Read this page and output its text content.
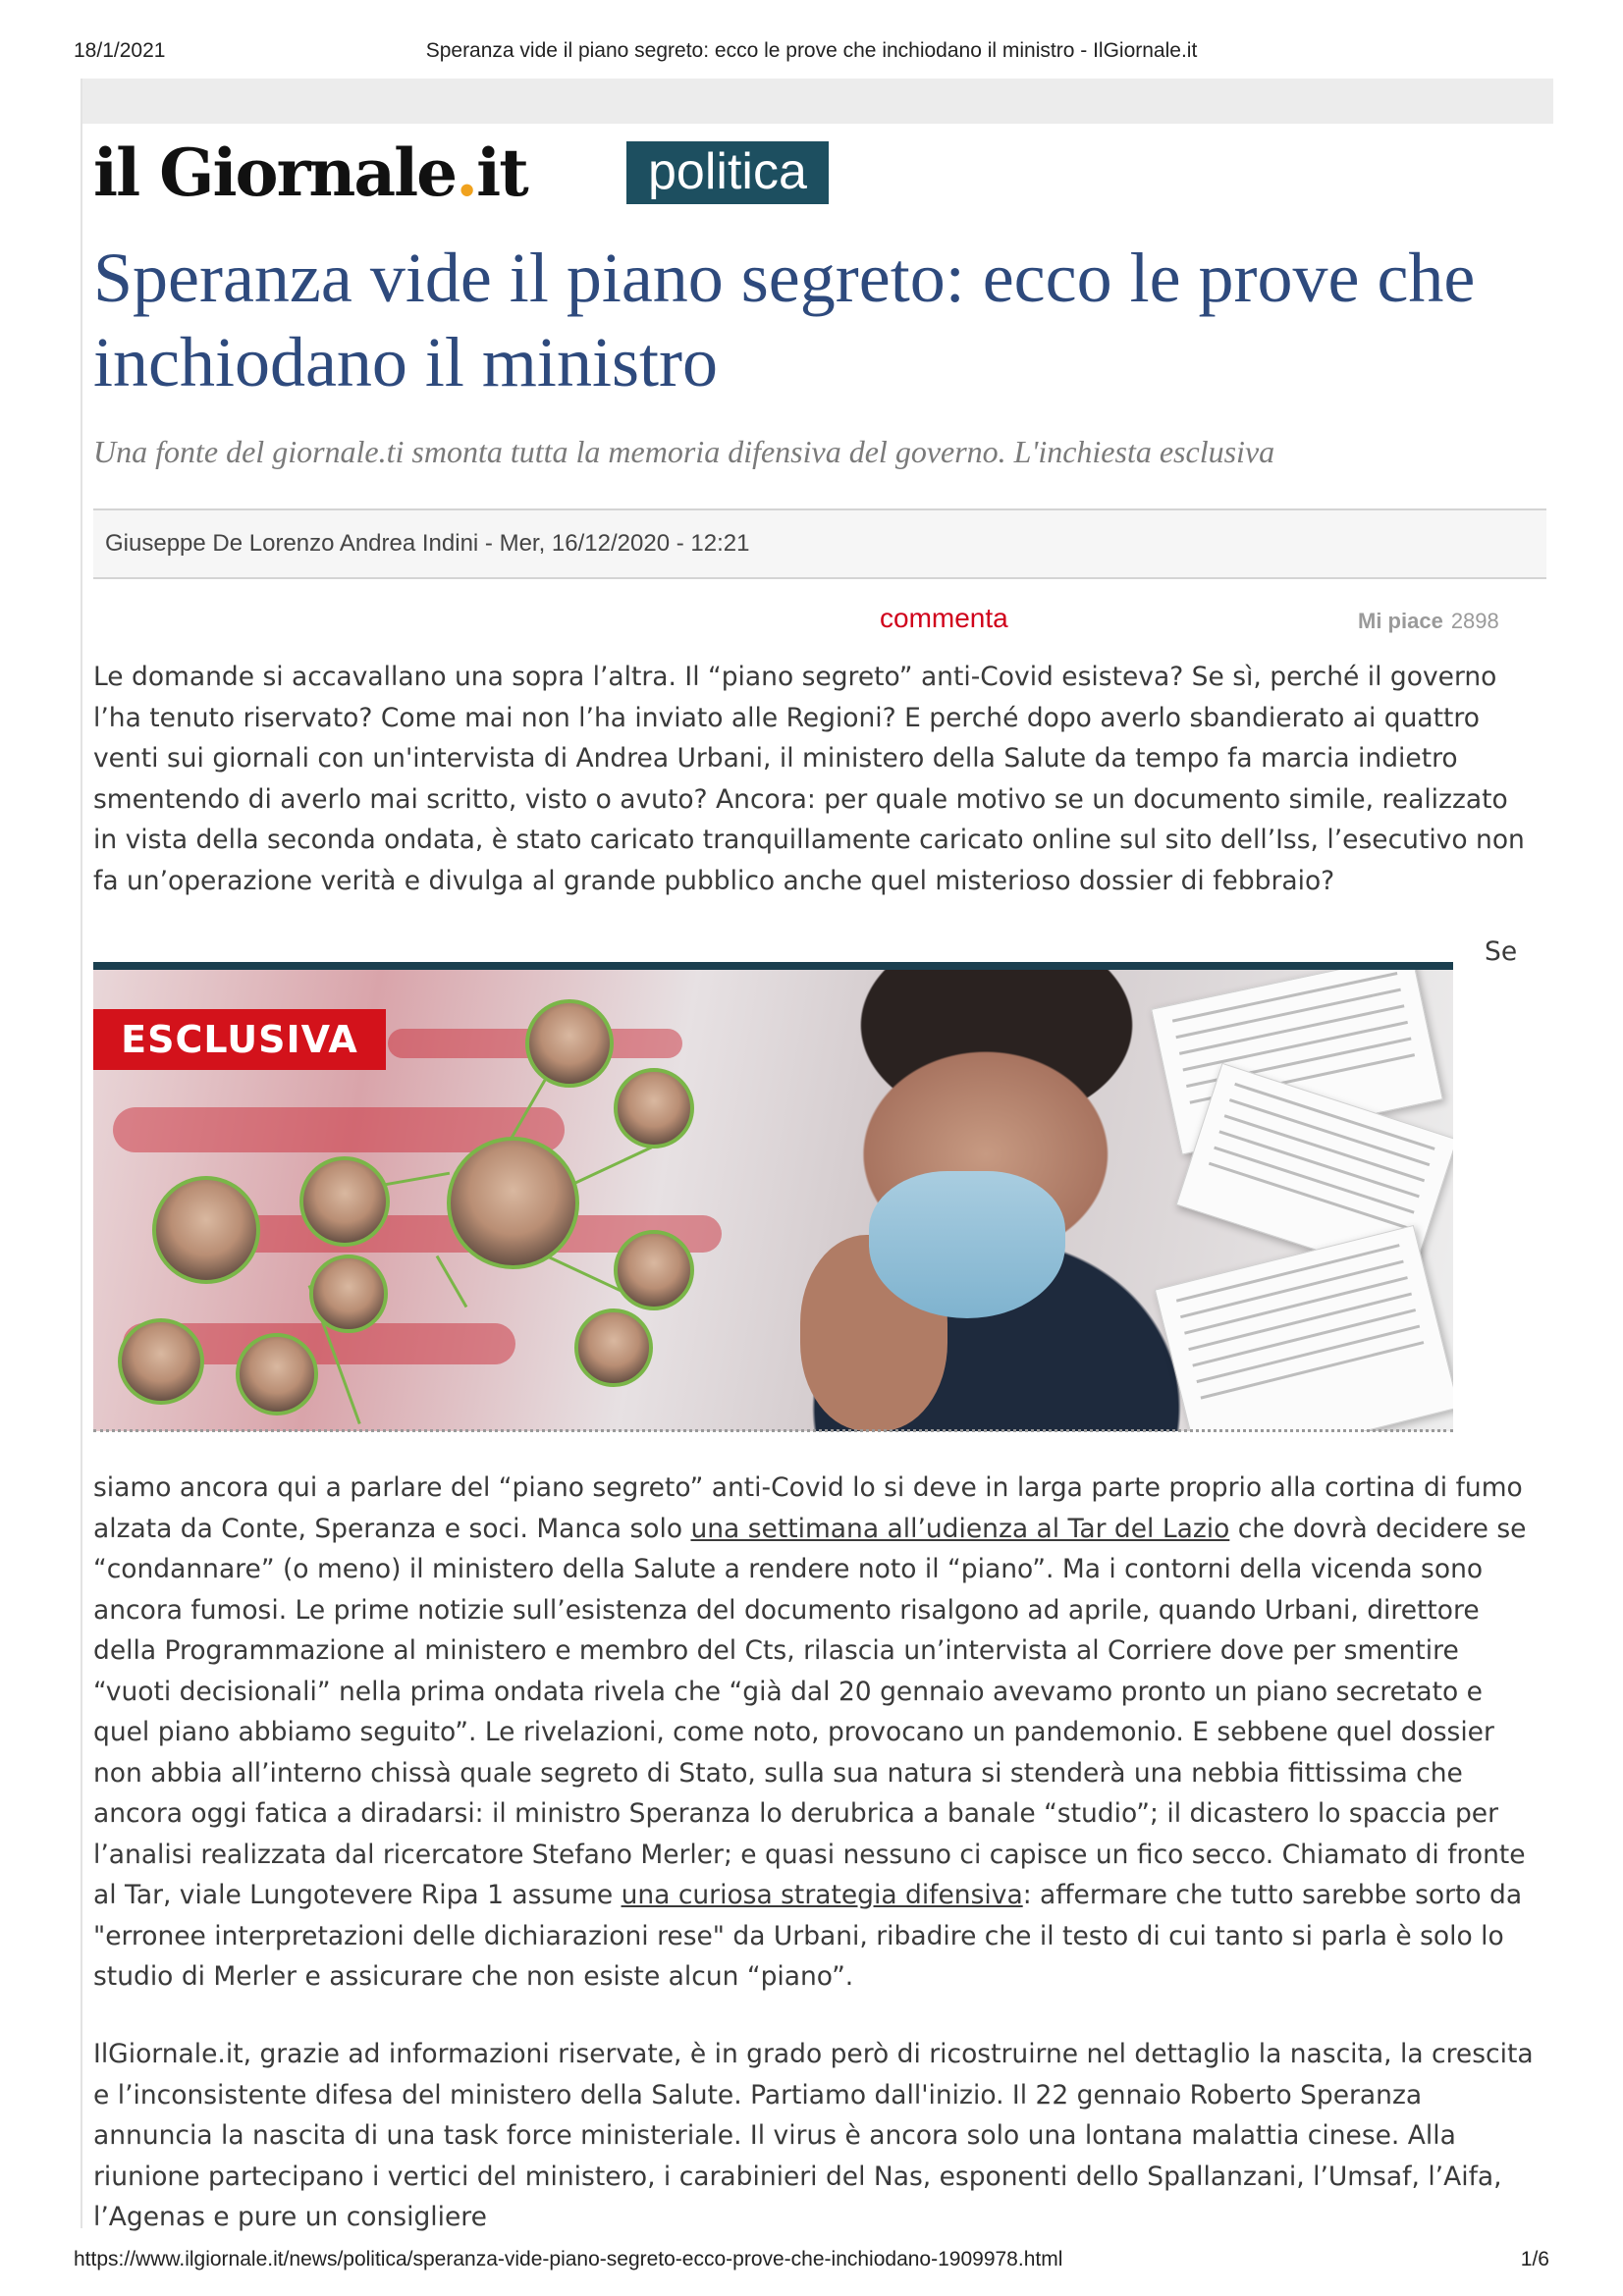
18/1/2021	Speranza vide il piano segreto: ecco le prove che inchiodano il ministro - IlGiornale.it
il Giornale.it	politica
Speranza vide il piano segreto: ecco le prove che inchiodano il ministro

Una fonte del giornale.ti smonta tutta la memoria difensiva del governo. L'inchiesta esclusiva

Giuseppe De Lorenzo Andrea Indini - Mer, 16/12/2020 - 12:21
commenta	Mi piace 2898

Le domande si accavallano una sopra l’altra. Il “piano segreto” anti-Covid esisteva? Se sì, perché il governo l’ha tenuto riservato? Come mai non l’ha inviato alle Regioni? E perché dopo averlo sbandierato ai quattro venti sui giornali con un'intervista di Andrea Urbani, il ministero della Salute da tempo fa marcia indietro smentendo di averlo mai scritto, visto o avuto? Ancora: per quale motivo se un documento simile, realizzato in vista della seconda ondata, è stato caricato tranquillamente caricato online sul sito dell’Iss, l’esecutivo non fa un’operazione verità e divulga al grande pubblico anche quel misterioso dossier di febbraio?

Se
ESCLUSIVA

siamo ancora qui a parlare del “piano segreto” anti-Covid lo si deve in larga parte proprio alla cortina di fumo alzata da Conte, Speranza e soci. Manca solo una settimana all’udienza al Tar del Lazio che dovrà decidere se “condannare” (o meno) il ministero della Salute a rendere noto il “piano”. Ma i contorni della vicenda sono ancora fumosi. Le prime notizie sull’esistenza del documento risalgono ad aprile, quando Urbani, direttore della Programmazione al ministero e membro del Cts, rilascia un’intervista al Corriere dove per smentire “vuoti decisionali” nella prima ondata rivela che “già dal 20 gennaio avevamo pronto un piano secretato e quel piano abbiamo seguito”. Le rivelazioni, come noto, provocano un pandemonio. E sebbene quel dossier non abbia all’interno chissà quale segreto di Stato, sulla sua natura si stenderà una nebbia fittissima che ancora oggi fatica a diradarsi: il ministro Speranza lo derubrica a banale “studio”; il dicastero lo spaccia per l’analisi realizzata dal ricercatore Stefano Merler; e quasi nessuno ci capisce un fico secco. Chiamato di fronte al Tar, viale Lungotevere Ripa 1 assume una curiosa strategia difensiva: affermare che tutto sarebbe sorto da "erronee interpretazioni delle dichiarazioni rese" da Urbani, ribadire che il testo di cui tanto si parla è solo lo studio di Merler e assicurare che non esiste alcun “piano”.

IlGiornale.it, grazie ad informazioni riservate, è in grado però di ricostruirne nel dettaglio la nascita, la crescita e l’inconsistente difesa del ministero della Salute. Partiamo dall'inizio. Il 22 gennaio Roberto Speranza annuncia la nascita di una task force ministeriale. Il virus è ancora solo una lontana malattia cinese. Alla riunione partecipano i vertici del ministero, i carabinieri del Nas, esponenti dello Spallanzani, l’Umsaf, l’Aifa, l’Agenas e pure un consigliere

https://www.ilgiornale.it/news/politica/speranza-vide-piano-segreto-ecco-prove-che-inchiodano-1909978.html	1/6
